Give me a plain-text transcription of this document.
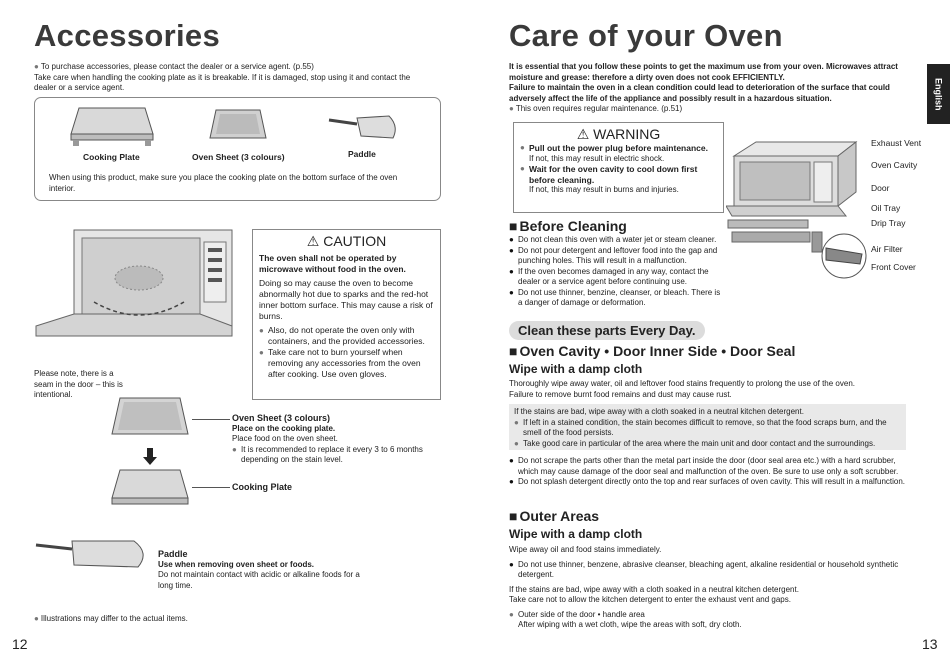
Accessories
● To purchase accessories, please contact the dealer or a service agent. (p.55)
Take care when handling the cooking plate as it is breakable. If it is damaged, stop using it and contact the dealer or a service agent.
Cooking Plate	Oven Sheet (3 colours)	Paddle
When using this product, make sure you place the cooking plate on the bottom surface of the oven interior.
⚠ CAUTION
The oven shall not be operated by microwave without food in the oven.
Doing so may cause the oven to become abnormally hot due to sparks and the red-hot inner bottom surface. This may cause a risk of burns.
● Also, do not operate the oven only with containers, and the provided accessories.
● Take care not to burn yourself when removing any accessories from the oven after cooking. Use oven gloves.
Please note, there is a seam in the door – this is intentional.
Oven Sheet (3 colours)
Place on the cooking plate.
Place food on the oven sheet.
● It is recommended to replace it every 3 to 6 months depending on the stain level.
Cooking Plate
Paddle
Use when removing oven sheet or foods.
Do not maintain contact with acidic or alkaline foods for a long time.
● Illustrations may differ to the actual items.
12
Care of your Oven
English
It is essential that you follow these points to get the maximum use from your oven. Microwaves attract moisture and grease: therefore a dirty oven does not cook EFFICIENTLY.
Failure to maintain the oven in a clean condition could lead to deterioration of the surface that could adversely affect the life of the appliance and possibly result in a hazardous situation.
● This oven requires regular maintenance. (p.51)
⚠ WARNING
● Pull out the power plug before maintenance.
If not, this may result in electric shock.
● Wait for the oven cavity to cool down first before cleaning.
If not, this may result in burns and injuries.
Exhaust Vent
Oven Cavity
Door
Oil Tray
Drip Tray
Air Filter
Front Cover
■ Before Cleaning
● Do not clean this oven with a water jet or steam cleaner.
● Do not pour detergent and leftover food into the gap and punching holes. This will result in a malfunction.
● If the oven becomes damaged in any way, contact the dealer or a service agent before continuing use.
● Do not use thinner, benzine, cleanser, or bleach. There is a danger of damage or deformation.
Clean these parts Every Day.
■ Oven Cavity • Door Inner Side • Door Seal
Wipe with a damp cloth
Thoroughly wipe away water, oil and leftover food stains frequently to prolong the use of the oven.
Failure to remove burnt food remains and dust may cause rust.
If the stains are bad, wipe away with a cloth soaked in a neutral kitchen detergent.
● If left in a stained condition, the stain becomes difficult to remove, so that the food scraps burn, and the smell of the food persists.
● Take good care in particular of the area where the main unit and door contact and the surroundings.
● Do not scrape the parts other than the metal part inside the door (door seal area etc.) with a hard scrubber, which may cause damage of the door seal and malfunction of the oven. Be sure to use only a soft scrubber.
● Do not splash detergent directly onto the top and rear surfaces of oven cavity. This will result in a malfunction.
■ Outer Areas
Wipe with a damp cloth
Wipe away oil and food stains immediately.
● Do not use thinner, benzene, abrasive cleanser, bleaching agent, alkaline residential or household synthetic detergent.
If the stains are bad, wipe away with a cloth soaked in a neutral kitchen detergent.
Take care not to allow the kitchen detergent to enter the exhaust vent and gaps.
● Outer side of the door • handle area
After wiping with a wet cloth, wipe the areas with soft, dry cloth.
13
